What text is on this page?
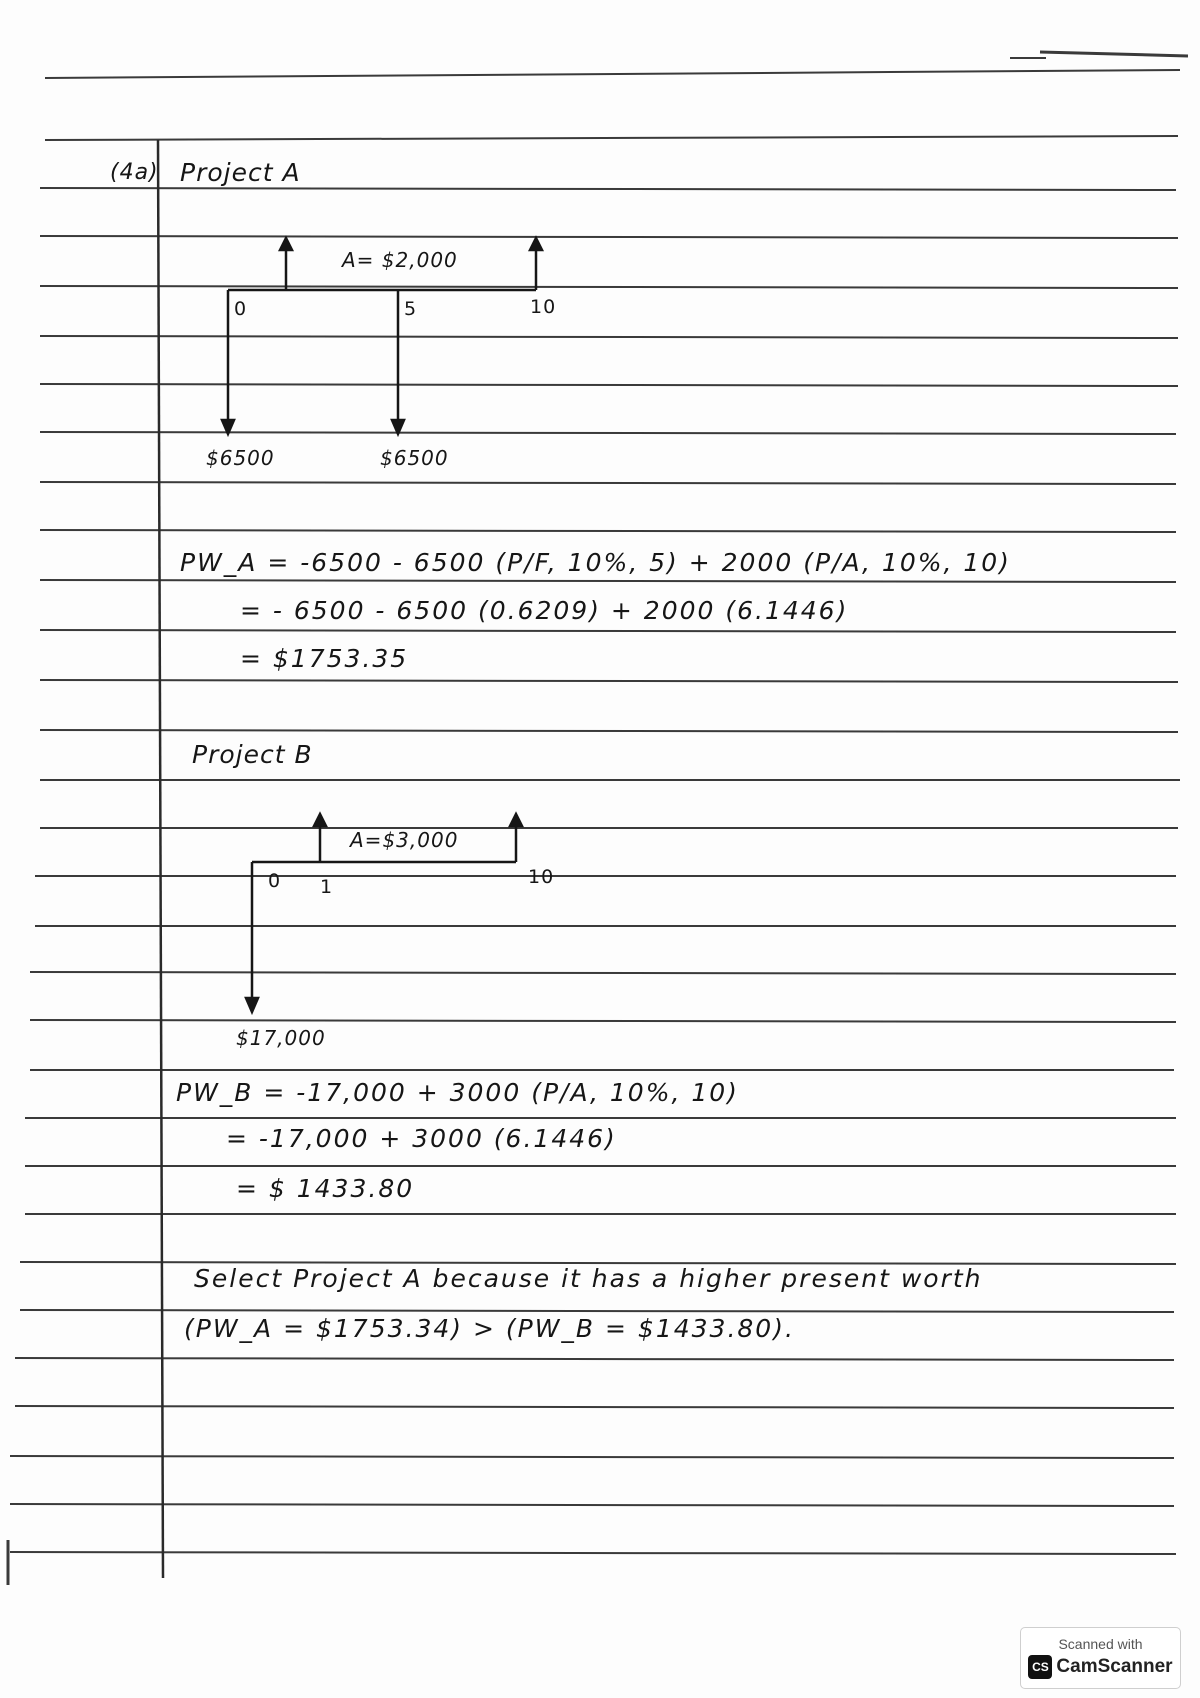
(4a) Project A
A= $2,000
0	5	10
$6500	$6500
PW_A = -6500 - 6500 (P/F, 10%, 5) + 2000 (P/A, 10%, 10)
= - 6500 - 6500 (0.6209) + 2000 (6.1446)
= $1753.35
Project B
A=$3,000
0 1	10
$17,000
PW_B = -17,000 + 3000 (P/A, 10%, 10)
= -17,000 + 3000 (6.1446)
= $ 1433.80
Select Project A because it has a higher present worth
(PW_A = $1753.34) > (PW_B = $1433.80).
Scanned with
CS CamScanner
